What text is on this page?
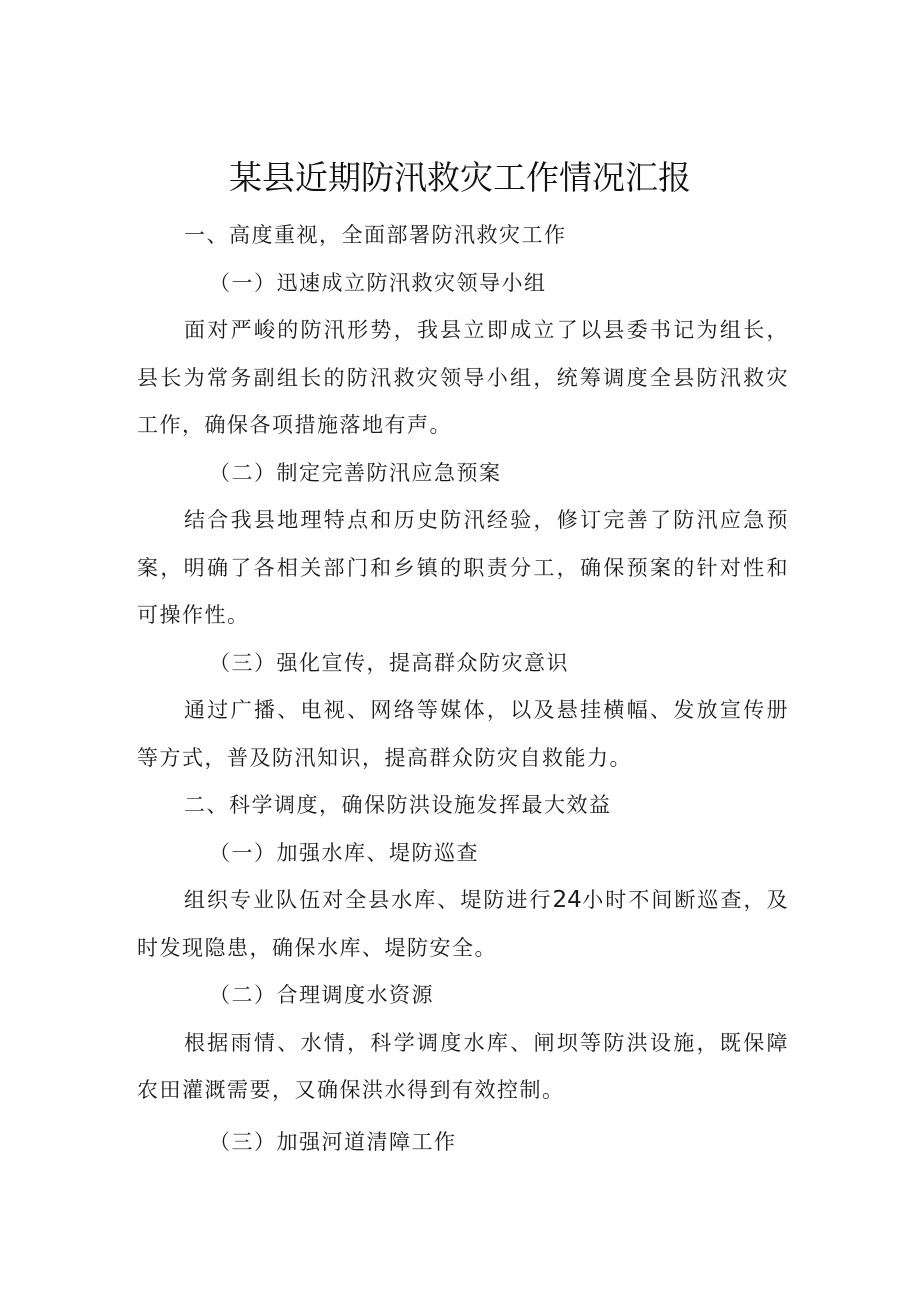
某县近期防汛救灾工作情况汇报

一、高度重视，全面部署防汛救灾工作

（一）迅速成立防汛救灾领导小组

面对严峻的防汛形势，我县立即成立了以县委书记为组长，县长为常务副组长的防汛救灾领导小组，统筹调度全县防汛救灾工作，确保各项措施落地有声。

（二）制定完善防汛应急预案

结合我县地理特点和历史防汛经验，修订完善了防汛应急预案，明确了各相关部门和乡镇的职责分工，确保预案的针对性和可操作性。

（三）强化宣传，提高群众防灾意识

通过广播、电视、网络等媒体，以及悬挂横幅、发放宣传册等方式，普及防汛知识，提高群众防灾自救能力。

二、科学调度，确保防洪设施发挥最大效益

（一）加强水库、堤防巡查

组织专业队伍对全县水库、堤防进行24小时不间断巡查，及时发现隐患，确保水库、堤防安全。

（二）合理调度水资源

根据雨情、水情，科学调度水库、闸坝等防洪设施，既保障农田灌溉需要，又确保洪水得到有效控制。

（三）加强河道清障工作
